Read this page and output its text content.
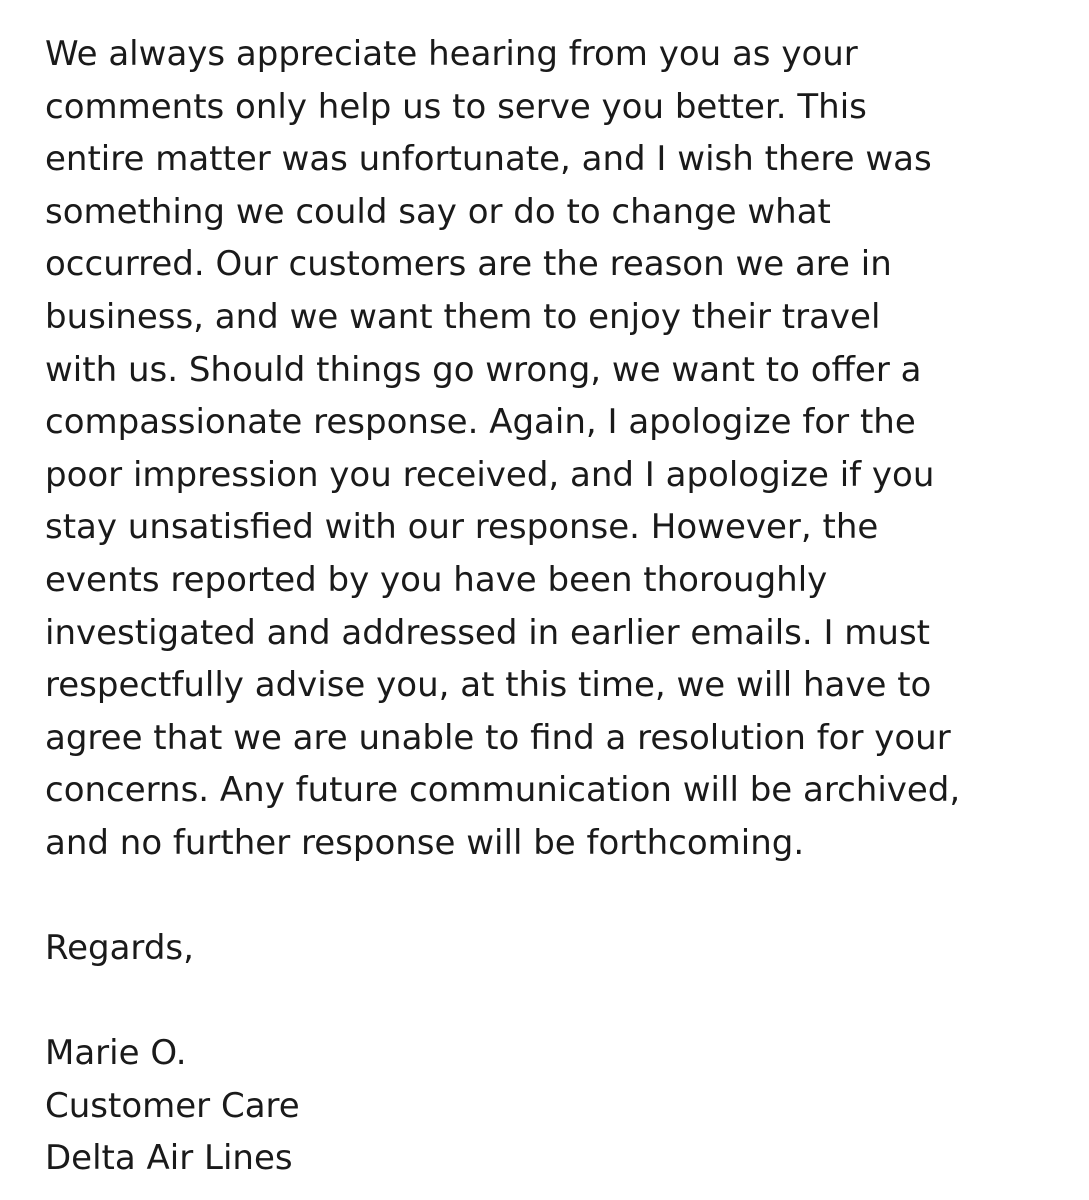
We always appreciate hearing from you as your
comments only help us to serve you better. This
entire matter was unfortunate, and I wish there was
something we could say or do to change what
occurred. Our customers are the reason we are in
business, and we want them to enjoy their travel
with us. Should things go wrong, we want to offer a
compassionate response. Again, I apologize for the
poor impression you received, and I apologize if you
stay unsatisfied with our response. However, the
events reported by you have been thoroughly
investigated and addressed in earlier emails. I must
respectfully advise you, at this time, we will have to
agree that we are unable to find a resolution for your
concerns. Any future communication will be archived,
and no further response will be forthcoming.
Regards,
Marie O.
Customer Care
Delta Air Lines
